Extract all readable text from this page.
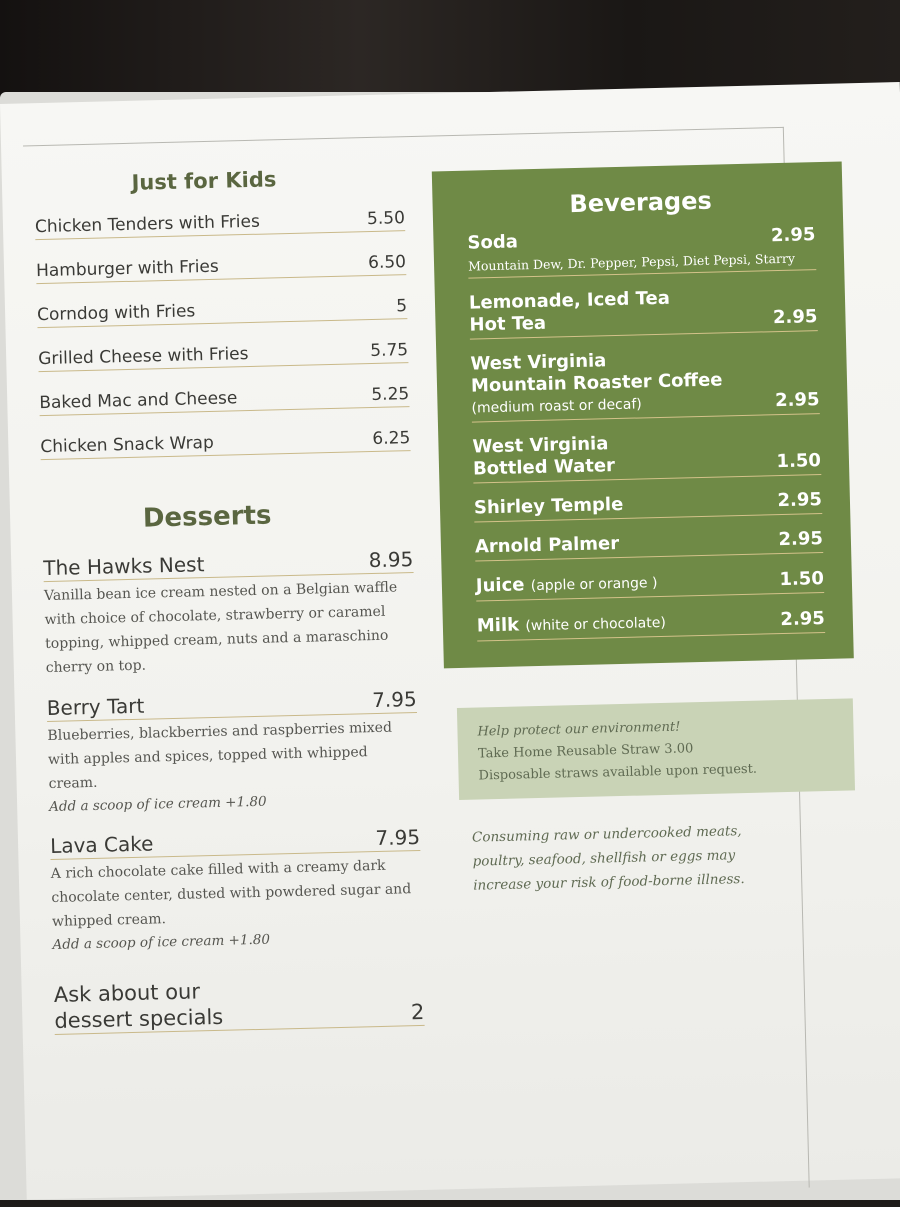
Just for Kids
Chicken Tenders with Fries	5.50
Hamburger with Fries	6.50
Corndog with Fries	5
Grilled Cheese with Fries	5.75
Baked Mac and Cheese	5.25
Chicken Snack Wrap	6.25
Desserts
The Hawks Nest	8.95
Vanilla bean ice cream nested on a Belgian waffle with choice of chocolate, strawberry or caramel topping, whipped cream, nuts and a maraschino cherry on top.
Berry Tart	7.95
Blueberries, blackberries and raspberries mixed with apples and spices, topped with whipped cream.
Add a scoop of ice cream +1.80
Lava Cake	7.95
A rich chocolate cake filled with a creamy dark chocolate center, dusted with powdered sugar and whipped cream.
Add a scoop of ice cream +1.80
Ask about our
dessert specials	2
Beverages
Soda	2.95
Mountain Dew, Dr. Pepper, Pepsi, Diet Pepsi, Starry
Lemonade, Iced Tea
Hot Tea	2.95
West Virginia
Mountain Roaster Coffee
(medium roast or decaf)	2.95
West Virginia
Bottled Water	1.50
Shirley Temple	2.95
Arnold Palmer	2.95
Juice (apple or orange )	1.50
Milk (white or chocolate)	2.95
Help protect our environment!
Take Home Reusable Straw 3.00
Disposable straws available upon request.
Consuming raw or undercooked meats, poultry, seafood, shellfish or eggs may increase your risk of food-borne illness.
